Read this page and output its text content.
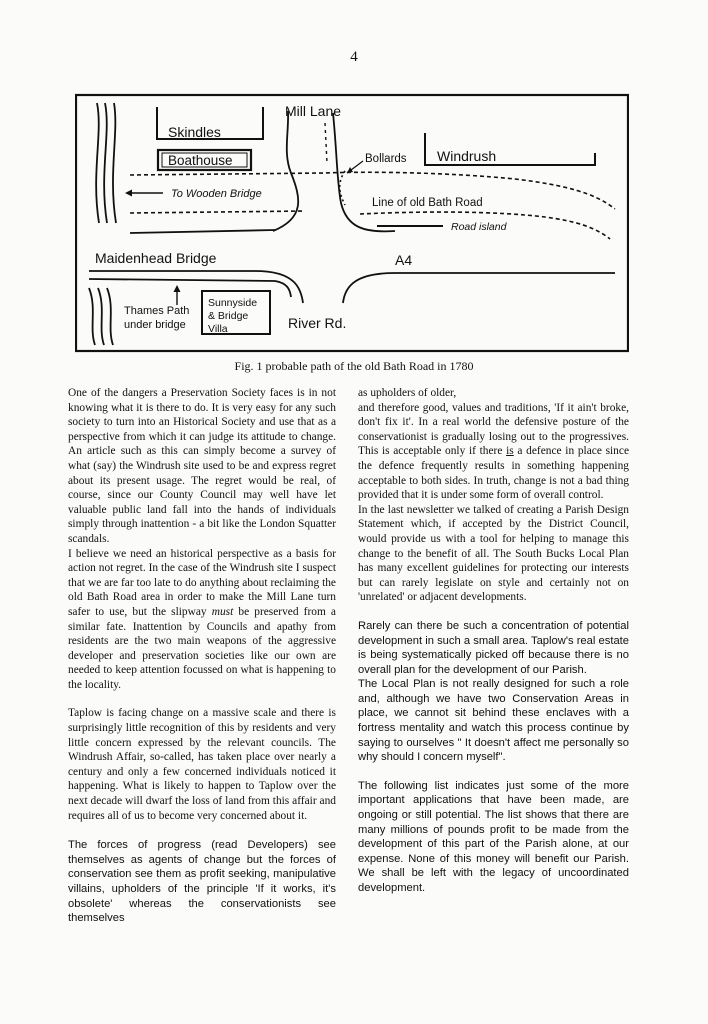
4
Skindles
Boathouse
Mill Lane
Bollards Windrush
To Wooden Bridge
Line of old Bath Road
Road island
Maidenhead Bridge	A4
Thames Path
under bridge
Sunnyside
& Bridge
Villa	River Rd.
Fig. 1 probable path of the old Bath Road in 1780

One of the dangers a Preservation Society faces is in not knowing what it is there to do. It is very easy for any such society to turn into an Historical Society and use that as a perspective from which it can judge its attitude to change. An article such as this can simply become a survey of what (say) the Windrush site used to be and express regret about its present usage. The regret would be real, of course, since our County Council may well have let valuable public land fall into the hands of individuals simply through inattention - a bit like the London Squatter scandals.

I believe we need an historical perspective as a basis for action not regret. In the case of the Windrush site I suspect that we are far too late to do anything about reclaiming the old Bath Road area in order to make the Mill Lane turn safer to use, but the slipway must be preserved from a similar fate. Inattention by Councils and apathy from residents are the two main weapons of the aggressive developer and preservation societies like our own are needed to keep attention focussed on what is happening to the locality.

Taplow is facing change on a massive scale and there is surprisingly little recognition of this by residents and very little concern expressed by the relevant councils. The Windrush Affair, so-called, has taken place over nearly a century and only a few concerned individuals noticed it happening. What is likely to happen to Taplow over the next decade will dwarf the loss of land from this affair and requires all of us to become very concerned about it.

The forces of progress (read Developers) see themselves as agents of change but the forces of conservation see them as profit seeking, manipulative villains, upholders of the principle 'If it works, it's obsolete' whereas the conservationists see themselves

as upholders of older,

and therefore good, values and traditions, 'If it ain't broke, don't fix it'. In a real world the defensive posture of the conservationist is gradually losing out to the progressives. This is acceptable only if there is a defence in place since the defence frequently results in something happening acceptable to both sides. In truth, change is not a bad thing provided that it is under some form of overall control.

In the last newsletter we talked of creating a Parish Design Statement which, if accepted by the District Council, would provide us with a tool for helping to manage this change to the benefit of all. The South Bucks Local Plan has many excellent guidelines for protecting our interests but can rarely legislate on style and certainly not on 'unrelated' or adjacent developments.

Rarely can there be such a concentration of potential development in such a small area. Taplow's real estate is being systematically picked off because there is no overall plan for the development of our Parish.

The Local Plan is not really designed for such a role and, although we have two Conservation Areas in place, we cannot sit behind these enclaves with a fortress mentality and watch this process continue by saying to ourselves " It doesn't affect me personally so why should I concern myself".

The following list indicates just some of the more important applications that have been made, are ongoing or still potential. The list shows that there are many millions of pounds profit to be made from the development of this part of the Parish alone, at our expense. None of this money will benefit our Parish. We shall be left with the legacy of uncoordinated development.
